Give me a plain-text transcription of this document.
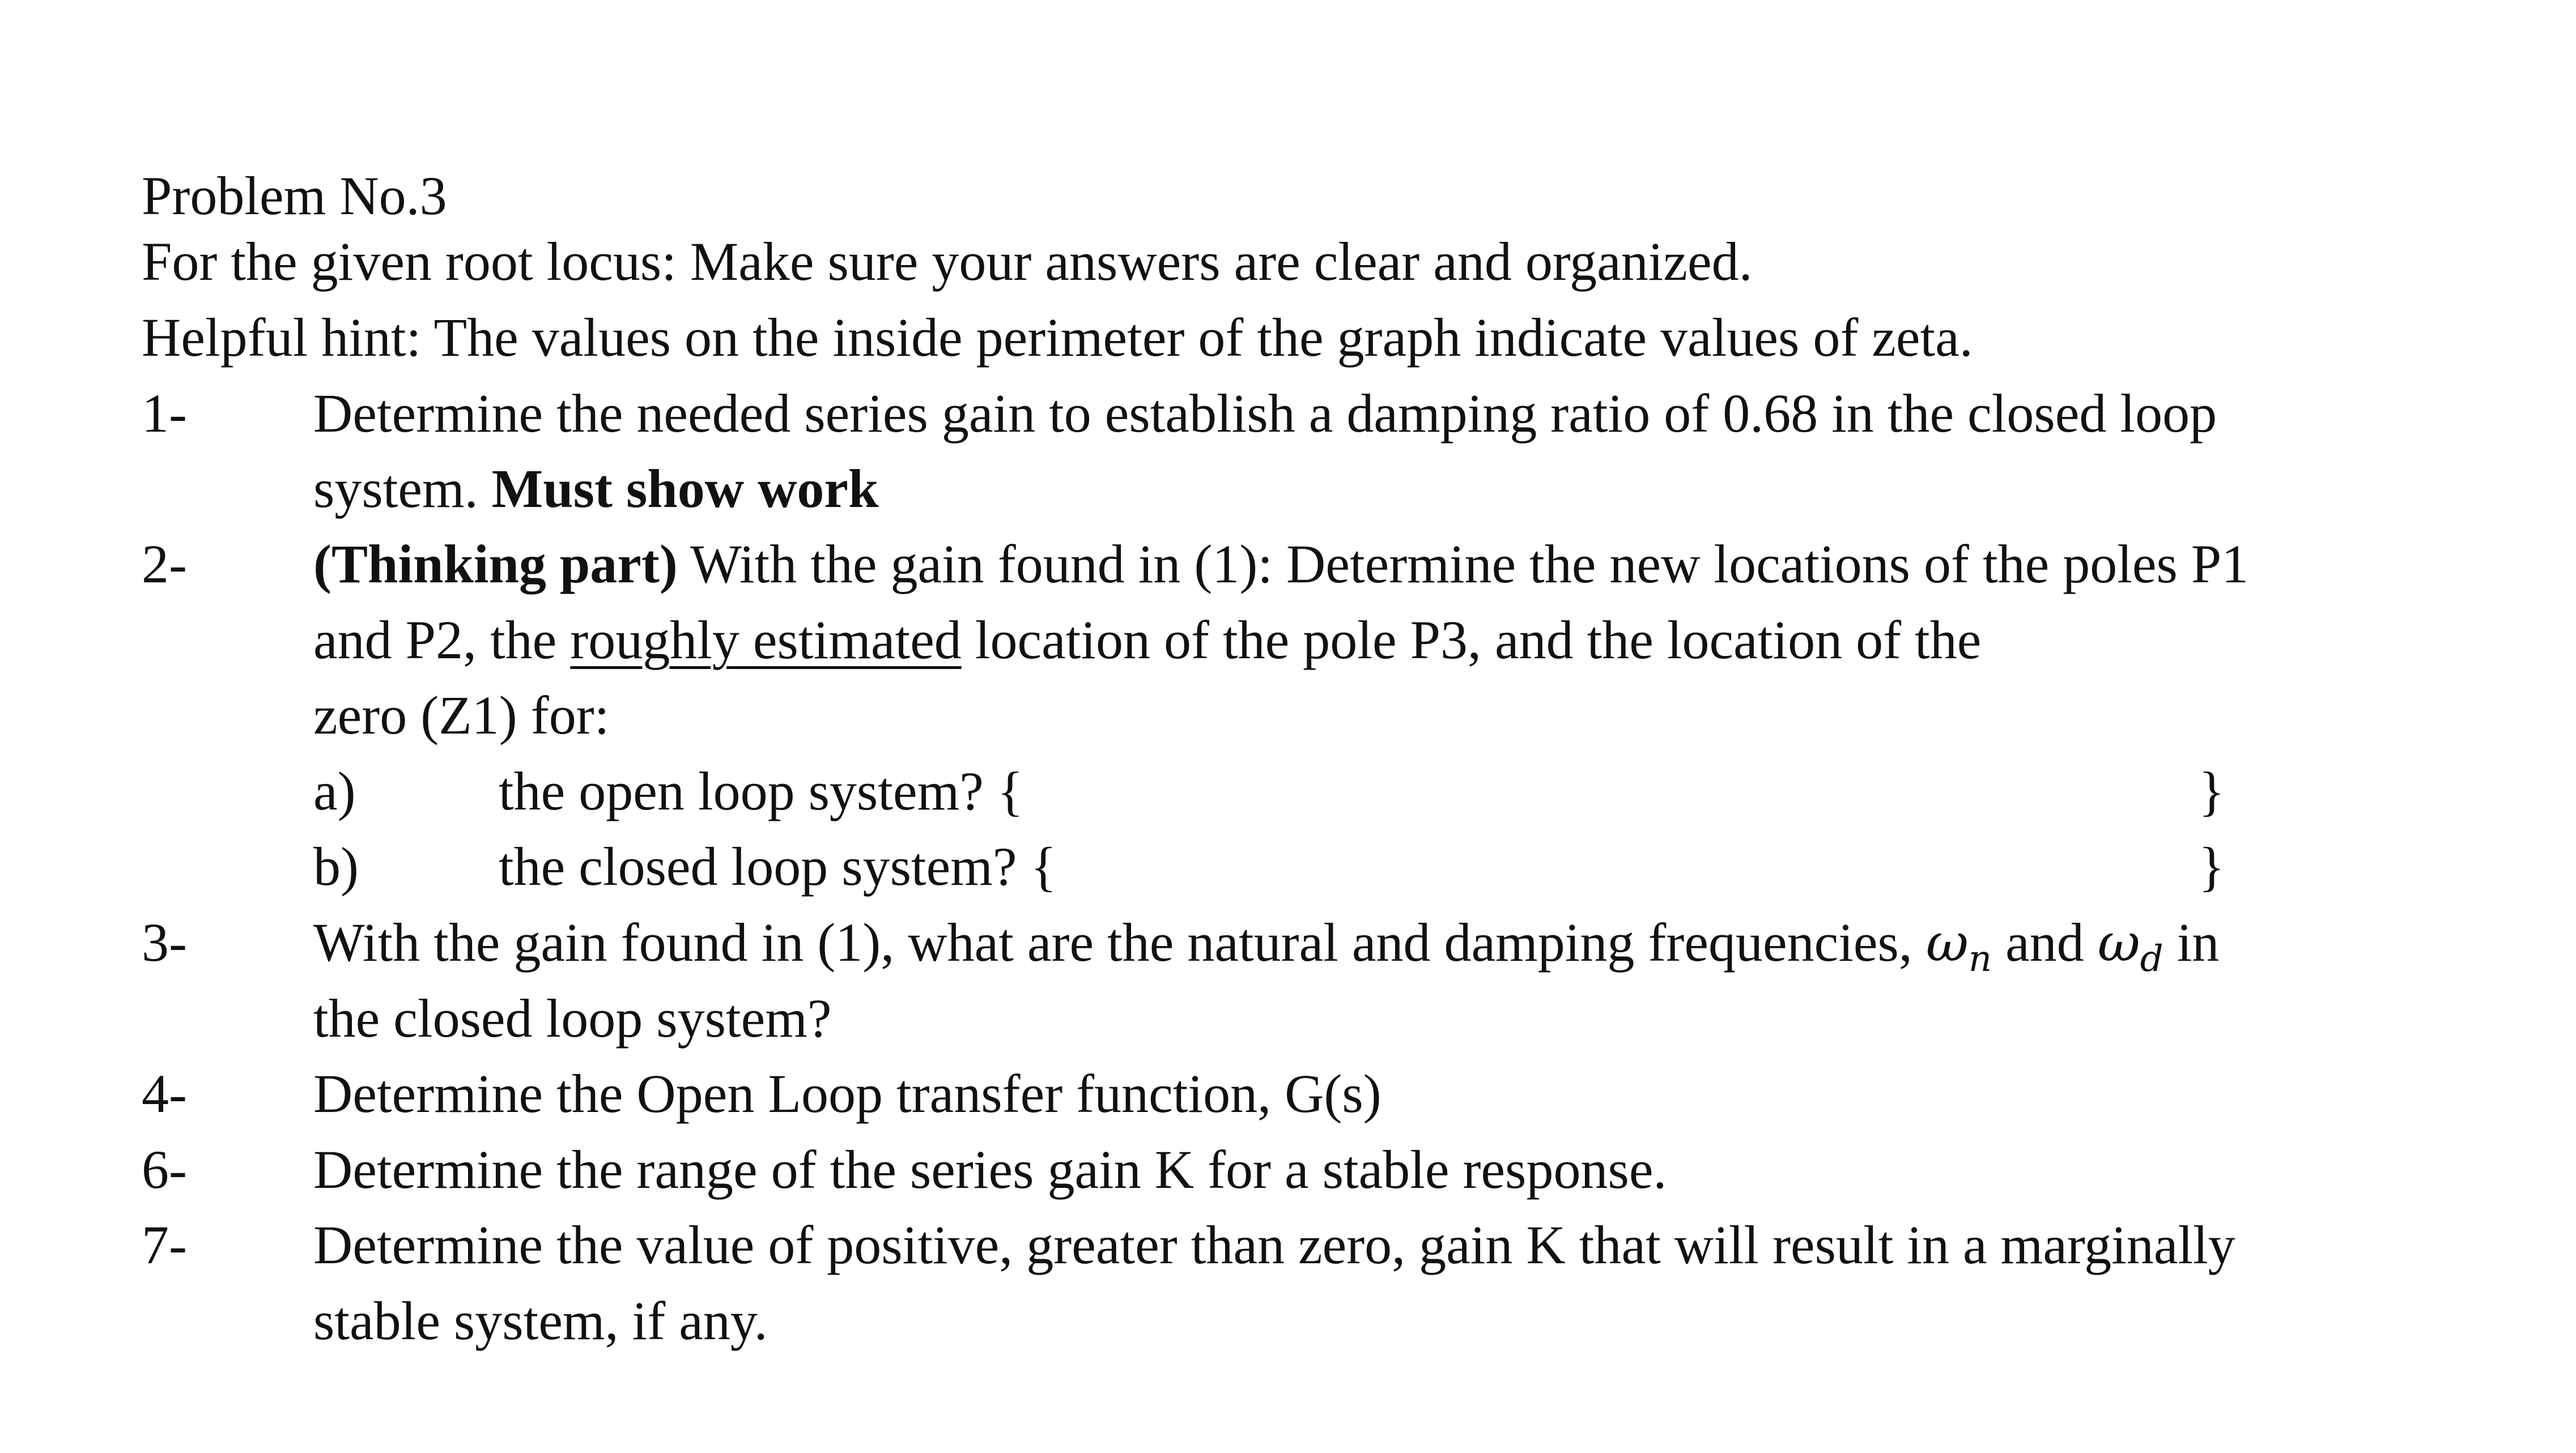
Problem No.3
For the given root locus: Make sure your answers are clear and organized.
Helpful hint: The values on the inside perimeter of the graph indicate values of zeta.
1-	Determine the needed series gain to establish a damping ratio of 0.68 in the closed loop
system. Must show work
2-	(Thinking part) With the gain found in (1): Determine the new locations of the poles P1
and P2, the roughly estimated location of the pole P3, and the location of the
zero (Z1) for:
a)	the open loop system? {	}
b)	the closed loop system? {	}
3-	With the gain found in (1), what are the natural and damping frequencies, $\omega_n$ and $\omega_d$ in
the closed loop system?
4-	Determine the Open Loop transfer function, G(s)
6-	Determine the range of the series gain K for a stable response.
7-	Determine the value of positive, greater than zero, gain K that will result in a marginally
stable system, if any.
